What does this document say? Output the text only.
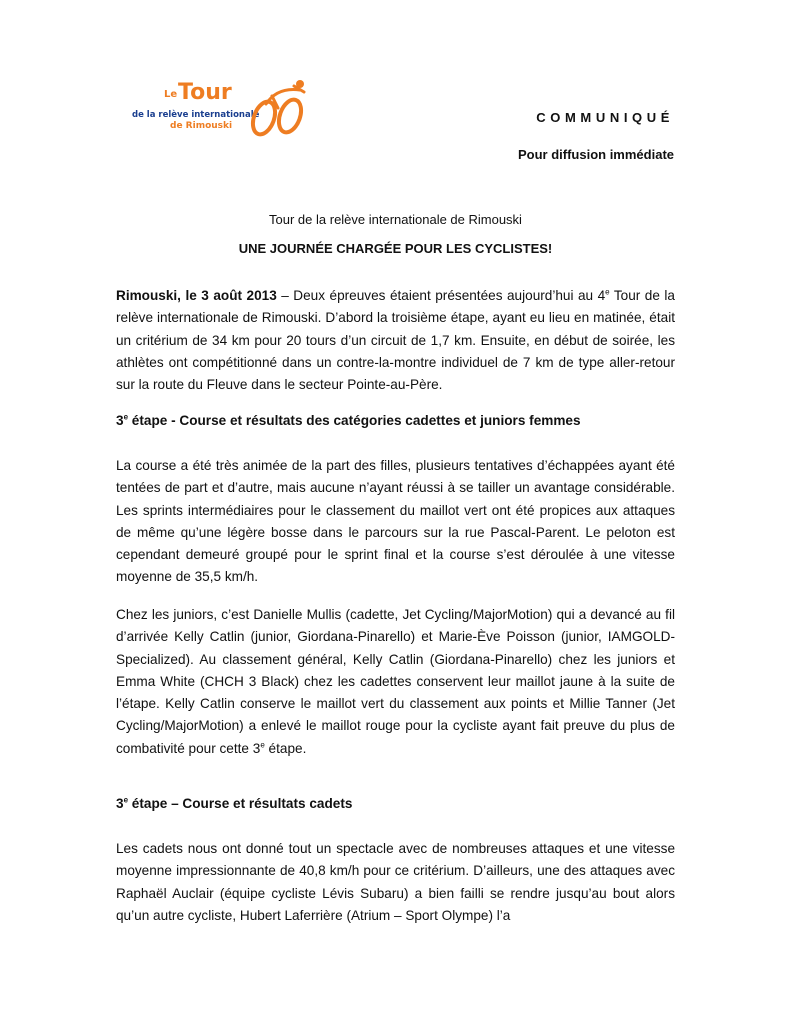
Le Tour
de la relève internationale
de Rimouski
COMMUNIQUÉ
Pour diffusion immédiate
Tour de la relève internationale de Rimouski
UNE JOURNÉE CHARGÉE POUR LES CYCLISTES!
Rimouski, le 3 août 2013 – Deux épreuves étaient présentées aujourd’hui au 4e Tour de la relève internationale de Rimouski. D’abord la troisième étape, ayant eu lieu en matinée, était un critérium de 34 km pour 20 tours d’un circuit de 1,7 km. Ensuite, en début de soirée, les athlètes ont compétitionné dans un contre-la-montre individuel de 7 km de type aller-retour sur la route du Fleuve dans le secteur Pointe-au-Père.
3e étape - Course et résultats des catégories cadettes et juniors femmes
La course a été très animée de la part des filles, plusieurs tentatives d’échappées ayant été tentées de part et d’autre, mais aucune n’ayant réussi à se tailler un avantage considérable. Les sprints intermédiaires pour le classement du maillot vert ont été propices aux attaques de même qu’une légère bosse dans le parcours sur la rue Pascal-Parent. Le peloton est cependant demeuré groupé pour le sprint final et la course s’est déroulée à une vitesse moyenne de 35,5 km/h.
Chez les juniors, c’est Danielle Mullis (cadette, Jet Cycling/MajorMotion) qui a devancé au fil d’arrivée Kelly Catlin (junior, Giordana-Pinarello) et Marie-Ève Poisson (junior, IAMGOLD-Specialized). Au classement général, Kelly Catlin (Giordana-Pinarello) chez les juniors et Emma White (CHCH 3 Black) chez les cadettes conservent leur maillot jaune à la suite de l’étape. Kelly Catlin conserve le maillot vert du classement aux points et Millie Tanner (Jet Cycling/MajorMotion) a enlevé le maillot rouge pour la cycliste ayant fait preuve du plus de combativité pour cette 3e étape.
3e étape – Course et résultats cadets
Les cadets nous ont donné tout un spectacle avec de nombreuses attaques et une vitesse moyenne impressionnante de 40,8 km/h pour ce critérium. D’ailleurs, une des attaques avec Raphaël Auclair (équipe cycliste Lévis Subaru) a bien failli se rendre jusqu’au bout alors qu’un autre cycliste, Hubert Laferrière (Atrium – Sport Olympe) l’a
